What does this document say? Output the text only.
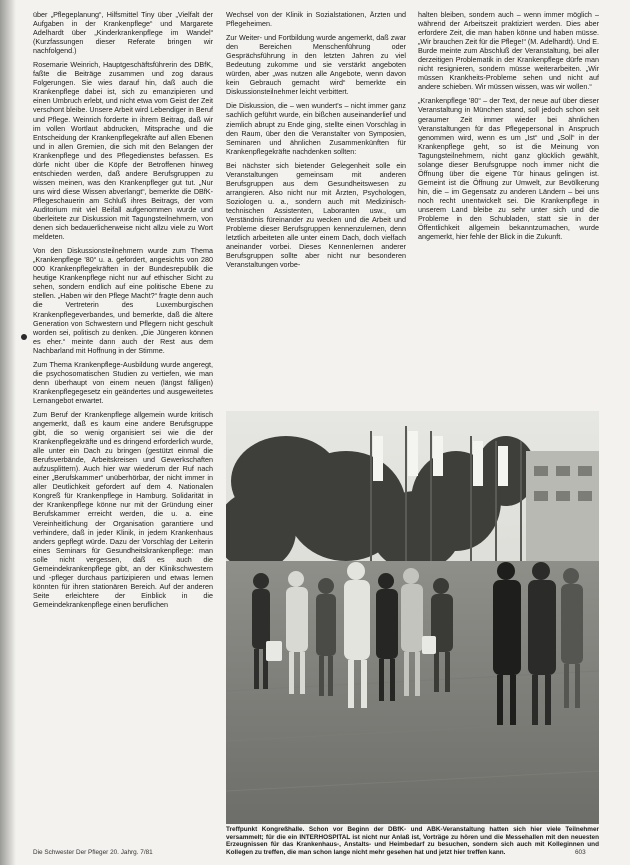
über „Pflegeplanung“, Hilfsmittel Tiny über „Vielfalt der Aufgaben in der Krankenpflege“ und Margarete Adelhardt über „Kinderkrankenpflege im Wandel“ (Kurzfassungen dieser Referate bringen wir nachfolgend.)

Rosemarie Weinrich, Hauptgeschäftsführerin des DBfK, faßte die Beiträge zusammen und zog daraus Folgerungen. Sie wies darauf hin, daß auch die Krankenpflege dabei ist, sich zu emanzipieren und einen Umbruch erlebt, und nicht etwa vom Geist der Zeit verschont bleibe. Unsere Arbeit wird Lebendiger in Beruf und Pflege. Weinrich forderte in ihrem Beitrag, daß wir im vollen Wortlaut abdrucken, Mitsprache und die Entscheidung der Krankenpflegekräfte auf allen Ebenen und in allen Gremien, die sich mit den Belangen der Krankenpflege und des Pflegedienstes befassen. Es dürfe nicht über die Köpfe der Betroffenen hinweg entschieden werden, daß andere Berufsgruppen zu wissen meinen, was den Krankenpfleger gut tut. „Nur uns wird diese Wissen abverlangt“, bemerkte die DBfK-Pflegeschauerin am Schluß ihres Beitrags, der vom Auditorium mit viel Beifall aufgenommen wurde und überleitete zur Diskussion mit Tagungsteilnehmern, von denen sich bedauerlicherweise nicht allzu viele zu Wort meldeten.

Von den Diskussionsteilnehmern wurde zum Thema „Krankenpflege '80“ u. a. gefordert, angesichts von 280 000 Krankenpflegekräften in der Bundesrepublik die heutige Krankenpflege nicht nur auf ethischer Sicht zu sehen, sondern endlich auf eine politische Ebene zu stellen. „Haben wir den Pflege Macht?“ fragte denn auch die Vertreterin des Luxemburgischen Krankenpflegeverbandes, und bemerkte, daß die ältere Generation von Schwestern und Pflegern nicht geschult worden sei, politisch zu denken. „Die Jüngeren können es eher.“ meinte dann auch der Rest aus dem Nachbarland mit Hoffnung in der Stimme.

Zum Thema Krankenpflege-Ausbildung wurde angeregt, die psychosomatischen Studien zu vertiefen, wie man denn überhaupt von einem neuen (längst fälligen) Krankenpflegegesetz ein geändertes und ausgeweitetes Lernangebot erwartet.

Zum Beruf der Krankenpflege allgemein wurde kritisch angemerkt, daß es kaum eine andere Berufsgruppe gibt, die so wenig organisiert sei wie die der Krankenpflegekräfte und es dringend erforderlich wurde, alle unter ein Dach zu bringen (gestützt einmal die Berufsverbände, Arbeitskreisen und Gewerkschaften aufzusplittern). Auch hier war wiederum der Ruf nach einer „Berufskammer“ unüberhörbar, der nicht immer in aller Deutlichkeit gefordert auf dem 4. Nationalen Kongreß für Krankenpflege in Hamburg. Solidarität in der Krankenpflege könne nur mit der Gründung einer Berufskammer erreicht werden, die u. a. eine Vereinheitlichung der Organisation garantiere und verhindere, daß in jeder Klinik, in jedem Krankenhaus anders gepflegt würde. Dazu der Vorschlag der Leiterin eines Seminars für Gesundheitskrankenpflege: man solle nicht vergessen, daß es auch die Gemeindekrankenpflege gibt, an der Klinikschwestern und -pfleger durchaus partizipieren und etwas lernen könnten für ihren stationären Bereich. Auf der anderen Seite erleichtere der Einblick in die Gemeindekrankenpflege einen beruflichen

Wechsel von der Klinik in Sozialstationen, Ärzten und Pflegeheimen.

Zur Weiter- und Fortbildung wurde angemerkt, daß zwar den Bereichen Menschenführung oder Gesprächsführung in den letzten Jahren zu viel Bedeutung zukomme und sie verstärkt angeboten würden, aber „was nutzen alle Angebote, wenn davon kein Gebrauch gemacht wird“ bemerkte ein Diskussionsteilnehmer leicht verbittert.

Die Diskussion, die – wen wundert's – nicht immer ganz sachlich geführt wurde, ein bißchen auseinanderlief und ziemlich abrupt zu Ende ging, stellte einen Vorschlag in den Raum, über den die Veranstalter von Symposien, Seminaren und ähnlichen Zusammenkünften für Krankenpflegekräfte nachdenken sollten:

Bei nächster sich bietender Gelegenheit solle ein Veranstaltungen gemeinsam mit anderen Berufsgruppen aus dem Gesundheitswesen zu arrangieren. Also nicht nur mit Ärzten, Psychologen, Soziologen u. a., sondern auch mit Medizinisch-technischen Assistenten, Laboranten usw., um Verständnis füreinander zu wecken und die Arbeit und Probleme dieser Berufsgruppen kennenzulernen, denn letztlich arbeiteten alle unter einem Dach, doch vielfach aneinander vorbei. Dieses Kennenlernen anderer Berufsgruppen sollte aber nicht nur besonderen Veranstaltungen vorbe-

halten bleiben, sondern auch – wenn immer möglich – während der Arbeitszeit praktiziert werden. Dies aber erfordere Zeit, die man haben könne und haben müsse. „Wir brauchen Zeit für die Pflege!“ (M. Adelhardt). Und E. Burde meinte zum Abschluß der Veranstaltung, bei aller derzeitigen Problematik in der Krankenpflege dürfe man nicht resignieren, sondern müsse weiterarbeiten. „Wir müssen Krankheits-Probleme sehen und nicht auf andere schieben. Wir müssen wissen, was wir wollen.“

„Krankenpflege '80“ – der Text, der neue auf über dieser Veranstaltung in München stand, soll jedoch schon seit geraumer Zeit immer wieder bei ähnlichen Veranstaltungen für das Pflegepersonal in Anspruch genommen wird, wenn es um „Ist“ und „Soll“ in der Krankenpflege geht, so ist die Meinung von Tagungsteilnehmern, nicht ganz glücklich gewählt, solange dieser Berufsgruppe noch immer nicht die Öffnung über die eigene Tür hinaus gelingen ist. Gemeint ist die Öffnung zur Umwelt, zur Bevölkerung hin, die – im Gegensatz zu anderen Ländern – bei uns noch recht unentwickelt sei. Die Krankenpflege in unserem Land bleibe zu sehr unter sich und die Probleme in den Schubladen, statt sie in der Öffentlichkeit allgemein bekanntzumachen, wurde angemerkt, hier fehle der Blick in die Zukunft.

Treffpunkt Kongreßhalle. Schon vor Beginn der DBfK- und ABK-Veranstaltung hatten sich hier viele Teilnehmer versammelt; für die ein INTERHOSPITAL ist nicht nur Anlaß ist, Vorträge zu hören und die Messehallen mit den neuesten Erzeugnissen für das Krankenhaus-, Anstalts- und Heimbedarf zu besuchen, sondern sich auch mit Kolleginnen und Kollegen zu treffen, die man schon lange nicht mehr gesehen hat und jetzt hier treffen kann.
Die Schwester Der Pfleger 20. Jahrg. 7/81	603
